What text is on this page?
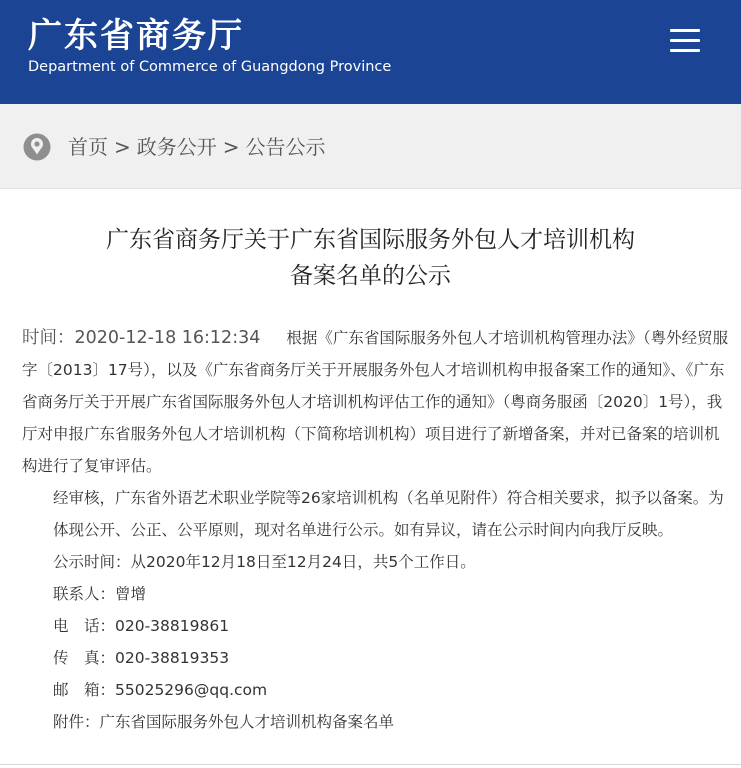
广东省商务厅
Department of Commerce of Guangdong Province
首页 > 政务公开 > 公告公示
广东省商务厅关于广东省国际服务外包人才培训机构
备案名单的公示

时间：2020-12-18 16:12:34 根据《广东省国际服务外包人才培训机构管理办法》（粤外经贸服字〔2013〕17号），以及《广东省商务厅关于开展服务外包人才培训机构申报备案工作的通知》、《广东省商务厅关于开展广东省国际服务外包人才培训机构评估工作的通知》（粤商务服函〔2020〕1号），我厅对申报广东省服务外包人才培训机构（下简称培训机构）项目进行了新增备案，并对已备案的培训机构进行了复审评估。

经审核，广东省外语艺术职业学院等26家培训机构（名单见附件）符合相关要求，拟予以备案。为体现公开、公正、公平原则，现对名单进行公示。如有异议，请在公示时间内向我厅反映。

公示时间：从2020年12月18日至12月24日，共5个工作日。

联系人：曾增

电　话：020-38819861

传　真：020-38819353

邮　箱：55025296@qq.com

附件：广东省国际服务外包人才培训机构备案名单
